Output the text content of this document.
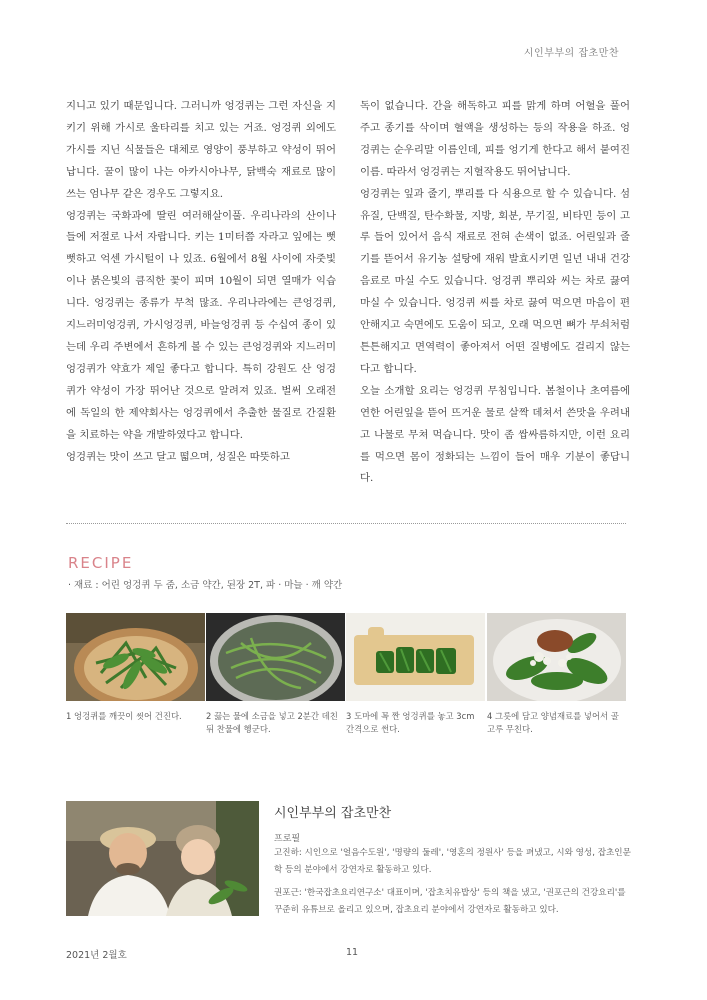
시인부부의 잡초만찬

지니고 있기 때문입니다. 그러니까 엉겅퀴는 그런 자신을 지키기 위해 가시로 울타리를 치고 있는 거죠. 엉겅퀴 외에도 가시를 지닌 식물들은 대체로 영양이 풍부하고 약성이 뛰어납니다. 꿀이 많이 나는 아카시아나무, 닭백숙 재료로 많이 쓰는 엄나무 같은 경우도 그렇지요.

엉겅퀴는 국화과에 딸린 여러해살이풀. 우리나라의 산이나 들에 저절로 나서 자랍니다. 키는 1미터쯤 자라고 잎에는 뻣뻣하고 억센 가시털이 나 있죠. 6월에서 8월 사이에 자줏빛이나 붉은빛의 큼직한 꽃이 피며 10월이 되면 열매가 익습니다. 엉겅퀴는 종류가 무척 많죠. 우리나라에는 큰엉겅퀴, 지느러미엉겅퀴, 가시엉겅퀴, 바늘엉겅퀴 등 수십여 종이 있는데 우리 주변에서 흔하게 볼 수 있는 큰엉겅퀴와 지느러미 엉겅퀴가 약효가 제일 좋다고 합니다. 특히 강원도 산 엉겅퀴가 약성이 가장 뛰어난 것으로 알려져 있죠. 벌써 오래전에 독일의 한 제약회사는 엉겅퀴에서 추출한 물질로 간질환을 치료하는 약을 개발하였다고 합니다.

엉겅퀴는 맛이 쓰고 달고 떫으며, 성질은 따뜻하고

독이 없습니다. 간을 해독하고 피를 맑게 하며 어혈을 풀어주고 종기를 삭이며 혈액을 생성하는 등의 작용을 하죠. 엉겅퀴는 순우리말 이름인데, 피를 엉기게 한다고 해서 붙여진 이름. 따라서 엉겅퀴는 지혈작용도 뛰어납니다.

엉겅퀴는 잎과 줄기, 뿌리를 다 식용으로 할 수 있습니다. 섬유질, 단백질, 탄수화물, 지방, 회분, 무기질, 비타민 등이 고루 들어 있어서 음식 재료로 전혀 손색이 없죠. 어린잎과 줄기를 뜯어서 유기농 설탕에 재워 발효시키면 일년 내내 건강음료로 마실 수도 있습니다. 엉겅퀴 뿌리와 씨는 차로 끓여 마실 수 있습니다. 엉겅퀴 씨를 차로 끓여 먹으면 마음이 편안해지고 숙면에도 도움이 되고, 오래 먹으면 뼈가 무쇠처럼 튼튼해지고 면역력이 좋아져서 어떤 질병에도 걸리지 않는다고 합니다.

오늘 소개할 요리는 엉겅퀴 무침입니다. 봄철이나 초여름에 연한 어린잎을 뜯어 뜨거운 물로 살짝 데쳐서 쓴맛을 우려내고 나물로 무쳐 먹습니다. 맛이 좀 쌉싸름하지만, 이런 요리를 먹으면 몸이 정화되는 느낌이 들어 매우 기분이 좋답니다.

RECIPE
· 재료 : 어린 엉겅퀴 두 줌, 소금 약간, 된장 2T, 파 · 마늘 · 깨 약간
1 엉겅퀴를 깨끗이 씻어 건진다.	2 끓는 물에 소금을 넣고 2분간 데친 뒤 찬물에 헹군다.
3 도마에 꼭 짠 엉겅퀴를 놓고 3cm 간격으로 썬다.
4 그릇에 담고 양념재료를 넣어서 골고루 무친다.
시인부부의 잡초만찬
프로필
고진하: 시인으로 '얼음수도원', '명량의 둘레', '영혼의 정원사' 등을 펴냈고, 시와 영성, 잡초인문학 등의 분야에서 강연자로 활동하고 있다.
권포근: '한국잡초요리연구소' 대표이며, '잡초치유밥상' 등의 책을 냈고, '권포근의 건강요리'를 꾸준히 유튜브로 올리고 있으며, 잡초요리 분야에서 강연자로 활동하고 있다.
2021년 2월호	11
